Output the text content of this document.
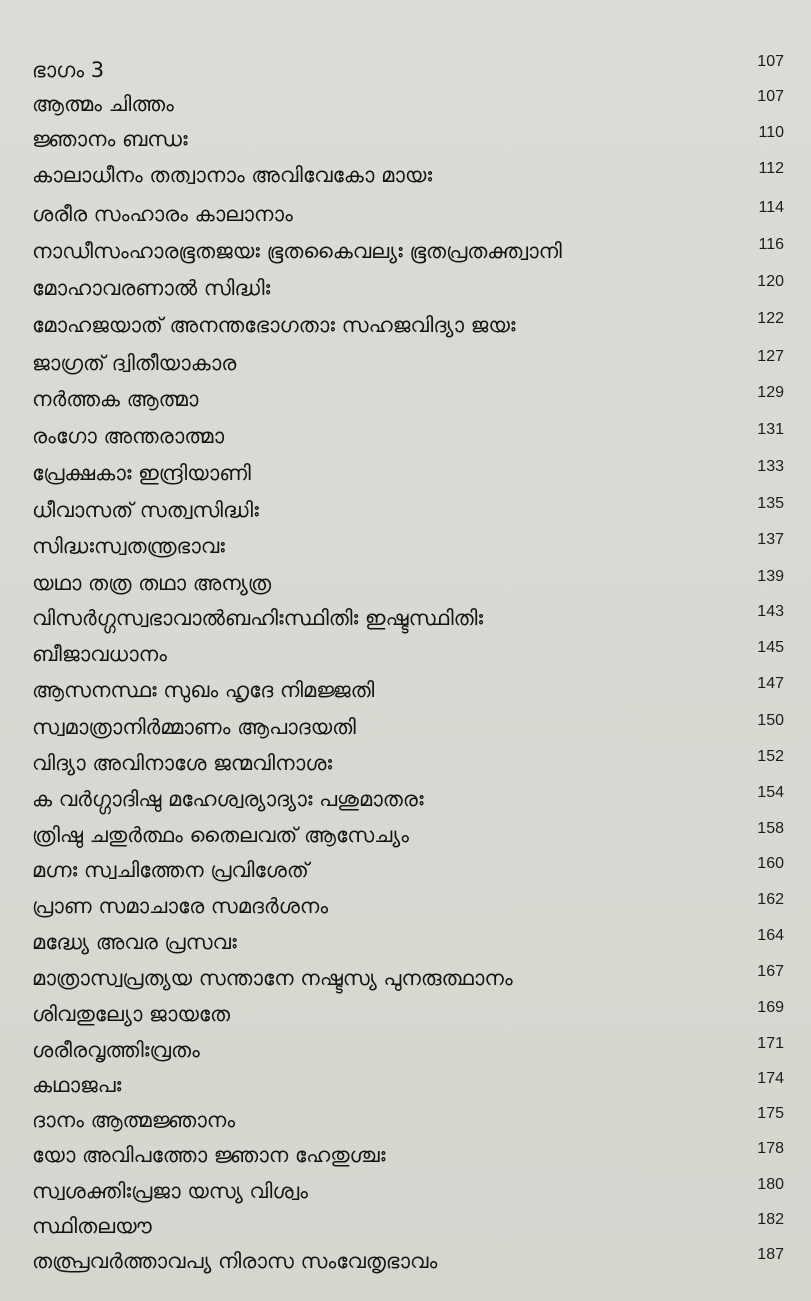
ഭാഗം 3	107
ആത്മം ചിത്തം	107
ജ്ഞാനം ബന്ധഃ	110
കാലാധീനം തത്വാനാം അവിവേകോ മായഃ	112
ശരീര സംഹാരം കാലാനാം	114
നാഡീസംഹാരഭൂതജയഃ ഭൂതകൈവല്യഃ ഭൂതപ്രതക്ത്വാനി	116
മോഹാവരണാൽ സിദ്ധിഃ	120
മോഹജയാത് അനന്തഭോഗതാഃ സഹജവിദ്യാ ജയഃ	122
ജാഗ്രത് ദ്വിതീയാകാര	127
നർത്തക ആത്മാ	129
രംഗോ അന്തരാത്മാ	131
പ്രേക്ഷകാഃ ഇന്ദ്രിയാണി	133
ധീവാസത് സത്വസിദ്ധിഃ	135
സിദ്ധഃസ്വതന്ത്രഭാവഃ	137
യഥാ തത്ര തഥാ അന്യത്ര	139
വിസർഗ്ഗസ്വഭാവാൽബഹിഃസ്ഥിതിഃ ഇഷ്ടസ്ഥിതിഃ	143
ബീജാവധാനം	145
ആസനസ്ഥഃ സുഖം ഹൃദേ നിമജ്ജതി	147
സ്വമാത്രാനിർമ്മാണം ആപാദയതി	150
വിദ്യാ അവിനാശേ ജന്മവിനാശഃ	152
ക വർഗ്ഗാദിഷു മഹേശ്വര്യാദ്യാഃ പശുമാതരഃ	154
ത്രിഷു ചതുർത്ഥം തൈലവത് ആസേച്യം	158
മഗ്നഃ സ്വചിത്തേന പ്രവിശേത്	160
പ്രാണ സമാചാരേ സമദർശനം	162
മദ്ധ്യേ അവര പ്രസവഃ	164
മാത്രാസ്വപ്രത്യയ സന്താനേ നഷ്ടസ്യ പുനരുത്ഥാനം	167
ശിവതുല്യോ ജായതേ	169
ശരീരവൃത്തിഃവ്രതം	171
കഥാജപഃ	174
ദാനം ആത്മജ്ഞാനം	175
യോ അവിപത്തോ ജ്ഞാന ഹേതുശ്ചഃ	178
സ്വശക്തിഃപ്രജാ യസ്യ വിശ്വം	180
സ്ഥിതലയൗ	182
തത്പ്രവർത്താവപ്യ നിരാസ സംവേതൃഭാവം	187
